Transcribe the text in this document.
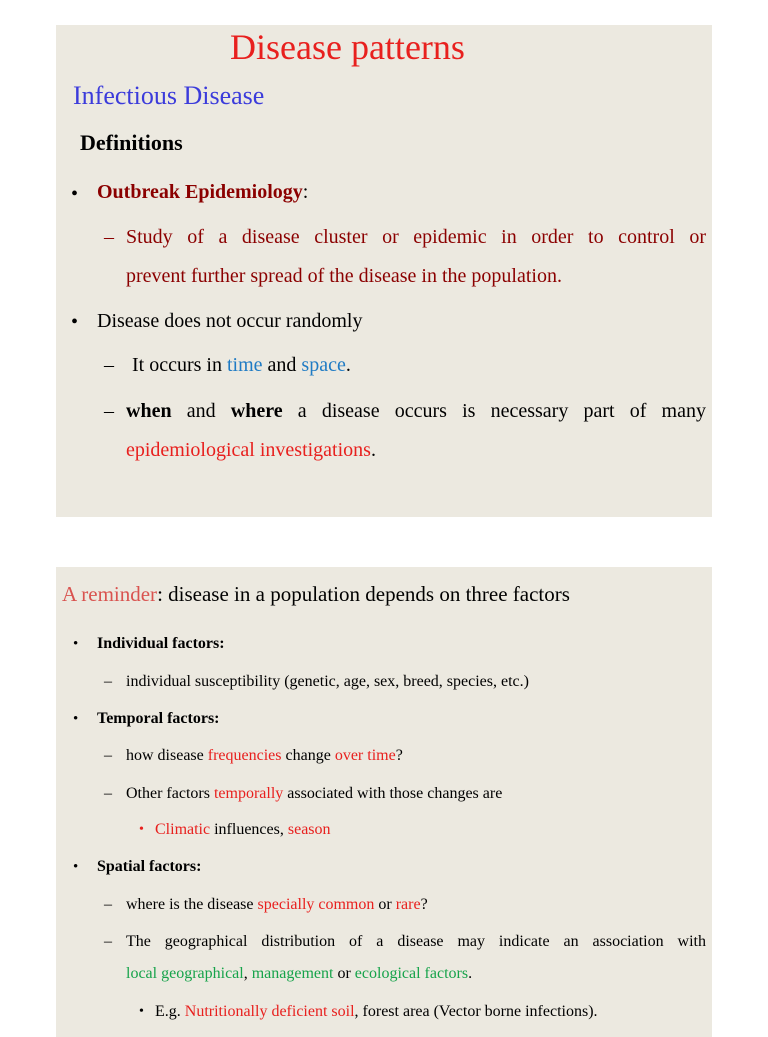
Disease patterns
Infectious Disease
Definitions
• Outbreak Epidemiology:
– Study of a disease cluster or epidemic in order to control or
prevent further spread of the disease in the population.
• Disease does not occur randomly
– It occurs in time and space.
– when and where a disease occurs is necessary part of many
epidemiological investigations.
A reminder: disease in a population depends on three factors
• Individual factors:
– individual susceptibility (genetic, age, sex, breed, species, etc.)
• Temporal factors:
– how disease frequencies change over time?
– Other factors temporally associated with those changes are
• Climatic influences, season
• Spatial factors:
– where is the disease specially common or rare?
– The geographical distribution of a disease may indicate an association with
local geographical, management or ecological factors.
• E.g. Nutritionally deficient soil, forest area (Vector borne infections).
